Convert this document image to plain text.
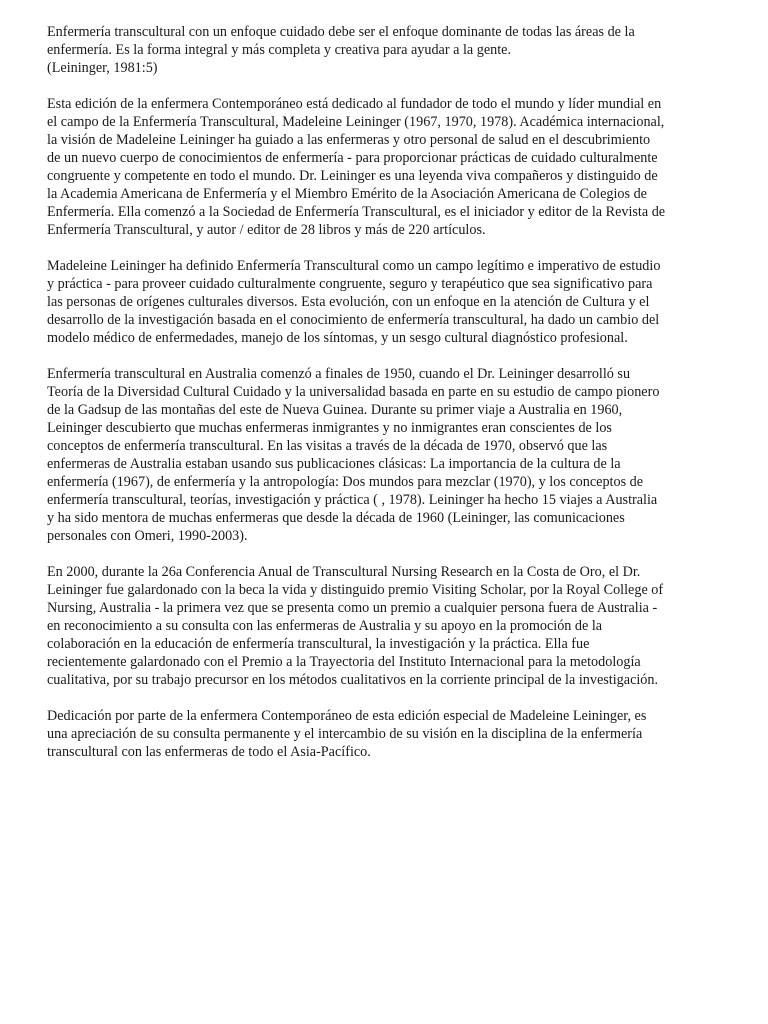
Enfermería transcultural con un enfoque cuidado debe ser el enfoque dominante de todas las áreas de la
enfermería. Es la forma integral y más completa y creativa para ayudar a la gente.
(Leininger, 1981:5)

Esta edición de la enfermera Contemporáneo está dedicado al fundador de todo el mundo y líder mundial en
el campo de la Enfermería Transcultural, Madeleine Leininger (1967, 1970, 1978). Académica internacional,
la visión de Madeleine Leininger ha guiado a las enfermeras y otro personal de salud en el descubrimiento
de un nuevo cuerpo de conocimientos de enfermería - para proporcionar prácticas de cuidado culturalmente
congruente y competente en todo el mundo. Dr. Leininger es una leyenda viva compañeros y distinguido de
la Academia Americana de Enfermería y el Miembro Emérito de la Asociación Americana de Colegios de
Enfermería. Ella comenzó a la Sociedad de Enfermería Transcultural, es el iniciador y editor de la Revista de
Enfermería Transcultural, y autor / editor de 28 libros y más de 220 artículos.

Madeleine Leininger ha definido Enfermería Transcultural como un campo legítimo e imperativo de estudio
y práctica - para proveer cuidado culturalmente congruente, seguro y terapéutico que sea significativo para
las personas de orígenes culturales diversos. Esta evolución, con un enfoque en la atención de Cultura y el
desarrollo de la investigación basada en el conocimiento de enfermería transcultural, ha dado un cambio del
modelo médico de enfermedades, manejo de los síntomas, y un sesgo cultural diagnóstico profesional.

Enfermería transcultural en Australia comenzó a finales de 1950, cuando el Dr. Leininger desarrolló su
Teoría de la Diversidad Cultural Cuidado y la universalidad basada en parte en su estudio de campo pionero
de la Gadsup de las montañas del este de Nueva Guinea. Durante su primer viaje a Australia en 1960,
Leininger descubierto que muchas enfermeras inmigrantes y no inmigrantes eran conscientes de los
conceptos de enfermería transcultural. En las visitas a través de la década de 1970, observó que las
enfermeras de Australia estaban usando sus publicaciones clásicas: La importancia de la cultura de la
enfermería (1967), de enfermería y la antropología: Dos mundos para mezclar (1970), y los conceptos de
enfermería transcultural, teorías, investigación y práctica ( , 1978). Leininger ha hecho 15 viajes a Australia
y ha sido mentora de muchas enfermeras que desde la década de 1960 (Leininger, las comunicaciones
personales con Omeri, 1990-2003).

En 2000, durante la 26a Conferencia Anual de Transcultural Nursing Research en la Costa de Oro, el Dr.
Leininger fue galardonado con la beca la vida y distinguido premio Visiting Scholar, por la Royal College of
Nursing, Australia - la primera vez que se presenta como un premio a cualquier persona fuera de Australia -
en reconocimiento a su consulta con las enfermeras de Australia y su apoyo en la promoción de la
colaboración en la educación de enfermería transcultural, la investigación y la práctica. Ella fue
recientemente galardonado con el Premio a la Trayectoria del Instituto Internacional para la metodología
cualitativa, por su trabajo precursor en los métodos cualitativos en la corriente principal de la investigación.

Dedicación por parte de la enfermera Contemporáneo de esta edición especial de Madeleine Leininger, es
una apreciación de su consulta permanente y el intercambio de su visión en la disciplina de la enfermería
transcultural con las enfermeras de todo el Asia-Pacífico.
